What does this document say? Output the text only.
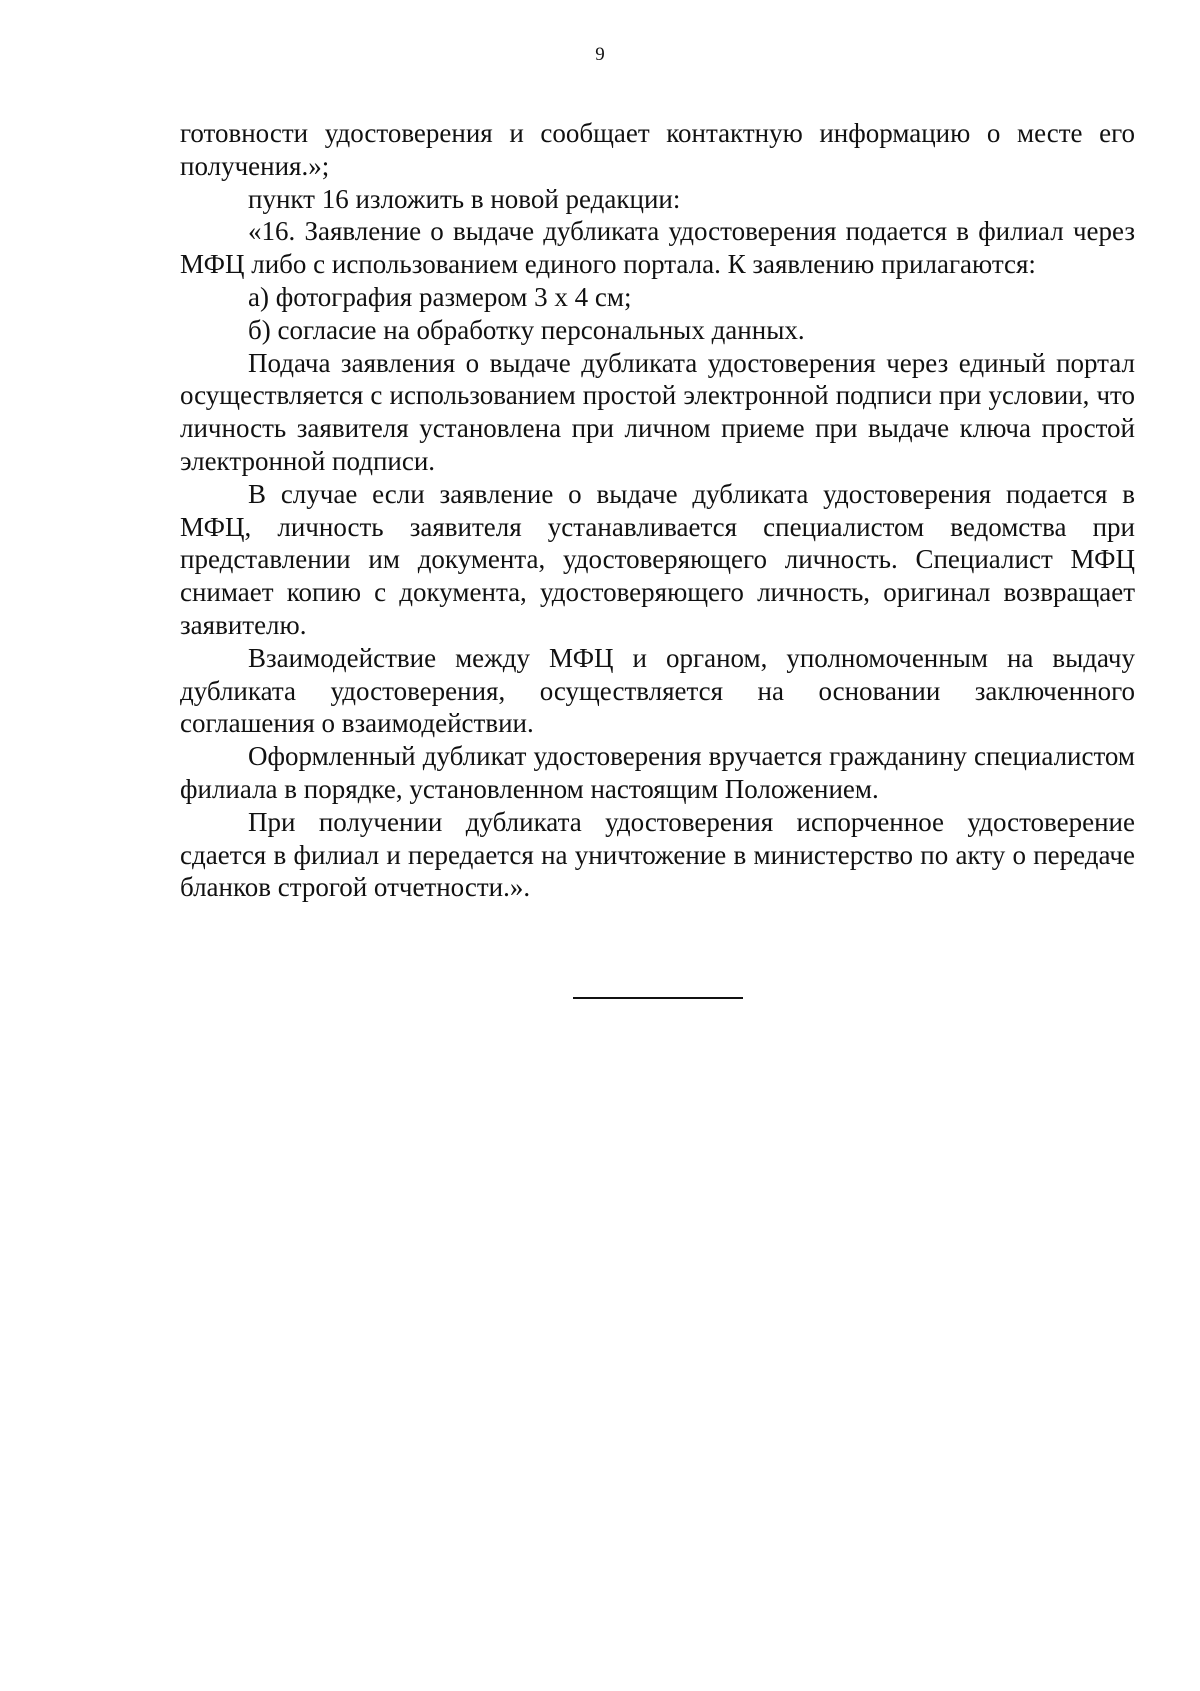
9

готовности удостоверения и сообщает контактную информацию о месте его получения.»;

пункт 16 изложить в новой редакции:

«16. Заявление о выдаче дубликата удостоверения подается в филиал через МФЦ либо с использованием единого портала. К заявлению прилагаются:

а) фотография размером 3 х 4 см;

б) согласие на обработку персональных данных.

Подача заявления о выдаче дубликата удостоверения через единый портал осуществляется с использованием простой электронной подписи при условии, что личность заявителя установлена при личном приеме при выдаче ключа простой электронной подписи.

В случае если заявление о выдаче дубликата удостоверения подается в МФЦ, личность заявителя устанавливается специалистом ведомства при представлении им документа, удостоверяющего личность. Специалист МФЦ снимает копию с документа, удостоверяющего личность, оригинал возвращает заявителю.

Взаимодействие между МФЦ и органом, уполномоченным на выдачу дубликата удостоверения, осуществляется на основании заключенного соглашения о взаимодействии.

Оформленный дубликат удостоверения вручается гражданину специалистом филиала в порядке, установленном настоящим Положением.

При получении дубликата удостоверения испорченное удостоверение сдается в филиал и передается на уничтожение в министерство по акту о передаче бланков строгой отчетности.».
